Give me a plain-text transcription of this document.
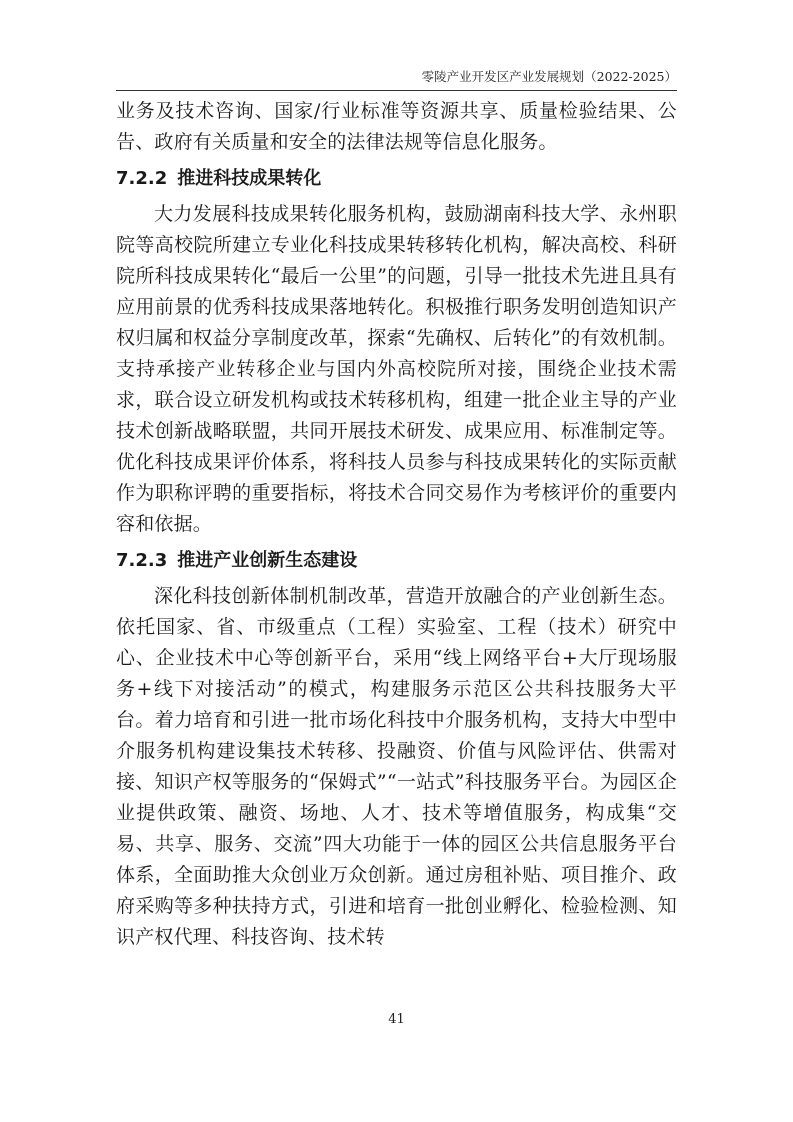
零陵产业开发区产业发展规划（2022-2025）

业务及技术咨询、国家/行业标准等资源共享、质量检验结果、公告、政府有关质量和安全的法律法规等信息化服务。

7.2.2 推进科技成果转化

大力发展科技成果转化服务机构，鼓励湖南科技大学、永州职院等高校院所建立专业化科技成果转移转化机构，解决高校、科研院所科技成果转化“最后一公里”的问题，引导一批技术先进且具有应用前景的优秀科技成果落地转化。积极推行职务发明创造知识产权归属和权益分享制度改革，探索“先确权、后转化”的有效机制。支持承接产业转移企业与国内外高校院所对接，围绕企业技术需求，联合设立研发机构或技术转移机构，组建一批企业主导的产业技术创新战略联盟，共同开展技术研发、成果应用、标准制定等。优化科技成果评价体系，将科技人员参与科技成果转化的实际贡献作为职称评聘的重要指标，将技术合同交易作为考核评价的重要内容和依据。

7.2.3 推进产业创新生态建设

深化科技创新体制机制改革，营造开放融合的产业创新生态。依托国家、省、市级重点（工程）实验室、工程（技术）研究中心、企业技术中心等创新平台，采用“线上网络平台+大厅现场服务+线下对接活动”的模式，构建服务示范区公共科技服务大平台。着力培育和引进一批市场化科技中介服务机构，支持大中型中介服务机构建设集技术转移、投融资、价值与风险评估、供需对接、知识产权等服务的“保姆式”“一站式”科技服务平台。为园区企业提供政策、融资、场地、人才、技术等增值服务，构成集“交易、共享、服务、交流”四大功能于一体的园区公共信息服务平台体系，全面助推大众创业万众创新。通过房租补贴、项目推介、政府采购等多种扶持方式，引进和培育一批创业孵化、检验检测、知识产权代理、科技咨询、技术转

41
